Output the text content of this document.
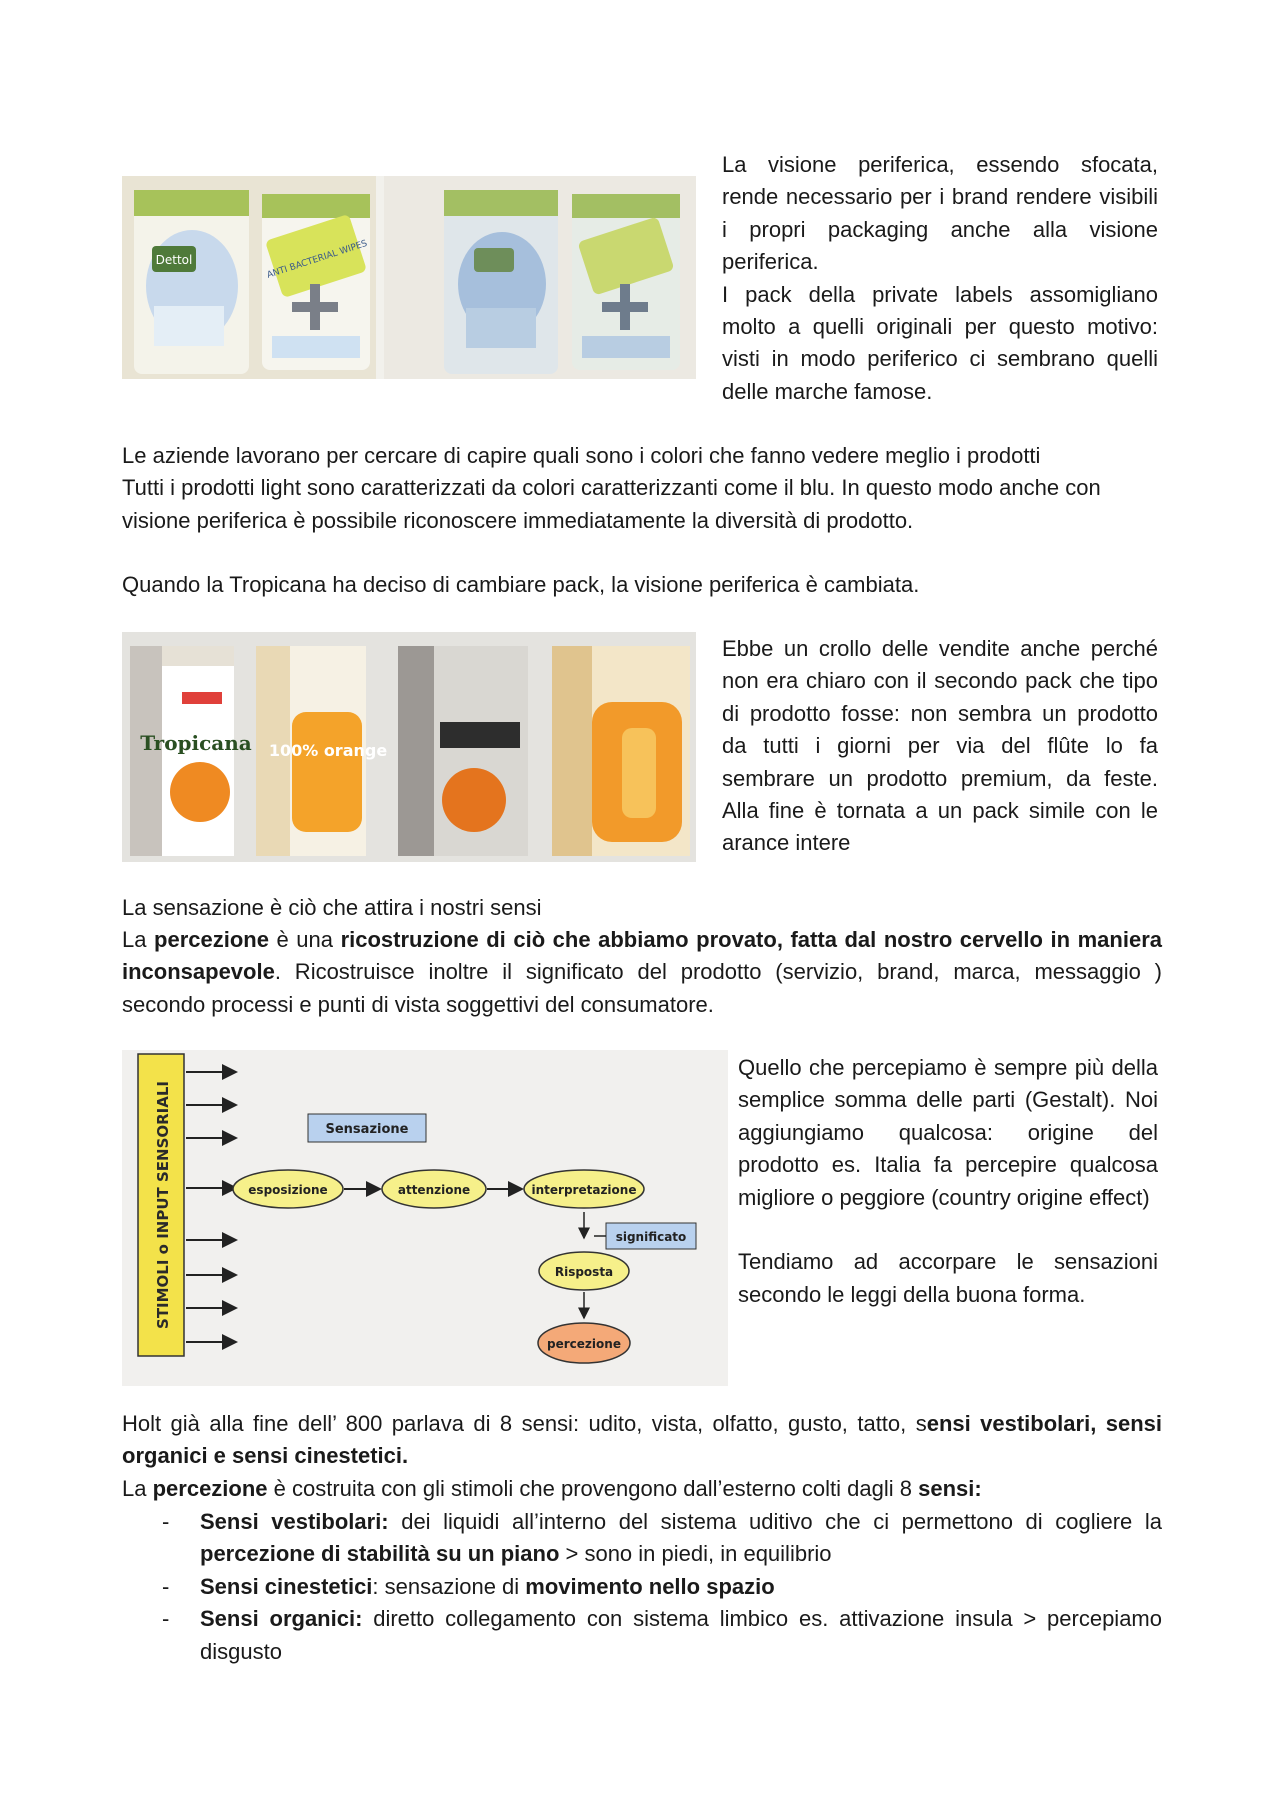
Dettol	ANTI BACTERIAL WIPES
La visione periferica, essendo sfocata, rende necessario per i brand rendere visibili i propri packaging anche alla visione periferica.
I pack della private labels assomigliano molto a quelli originali per questo motivo: visti in modo periferico ci sembrano quelli delle marche famose.
Le aziende lavorano per cercare di capire quali sono i colori che fanno vedere meglio i prodotti
Tutti i prodotti light sono caratterizzati da colori caratterizzanti come il blu. In questo modo anche con visione periferica è possibile riconoscere immediatamente la diversità di prodotto.
Quando la Tropicana ha deciso di cambiare pack, la visione periferica è cambiata.
Tropicana 100% orange
Ebbe un crollo delle vendite anche perché non era chiaro con il secondo pack che tipo di prodotto fosse: non sembra un prodotto da tutti i giorni per via del flûte lo fa sembrare un prodotto premium, da feste. Alla fine è tornata a un pack simile con le arance intere
La sensazione è ciò che attira i nostri sensi
La percezione è una ricostruzione di ciò che abbiamo provato, fatta dal nostro cervello in maniera inconsapevole. Ricostruisce inoltre il significato del prodotto (servizio, brand, marca, messaggio ) secondo processi e punti di vista soggettivi del consumatore.
STIMOLI o INPUT SENSORIALI	Sensazione
esposizione	attenzione	interpretazione
significato
Risposta
percezione
Quello che percepiamo è sempre più della semplice somma delle parti (Gestalt). Noi aggiungiamo qualcosa: origine del prodotto es. Italia fa percepire qualcosa migliore o peggiore (country origine effect)
Tendiamo ad accorpare le sensazioni secondo le leggi della buona forma.
Holt già alla fine dell’ 800 parlava di 8 sensi: udito, vista, olfatto, gusto, tatto, sensi vestibolari, sensi organici e sensi cinestetici.
La percezione è costruita con gli stimoli che provengono dall’esterno colti dagli 8 sensi:
- Sensi vestibolari: dei liquidi all’interno del sistema uditivo che ci permettono di cogliere la percezione di stabilità su un piano > sono in piedi, in equilibrio
- Sensi cinestetici: sensazione di movimento nello spazio
- Sensi organici: diretto collegamento con sistema limbico es. attivazione insula > percepiamo disgusto
